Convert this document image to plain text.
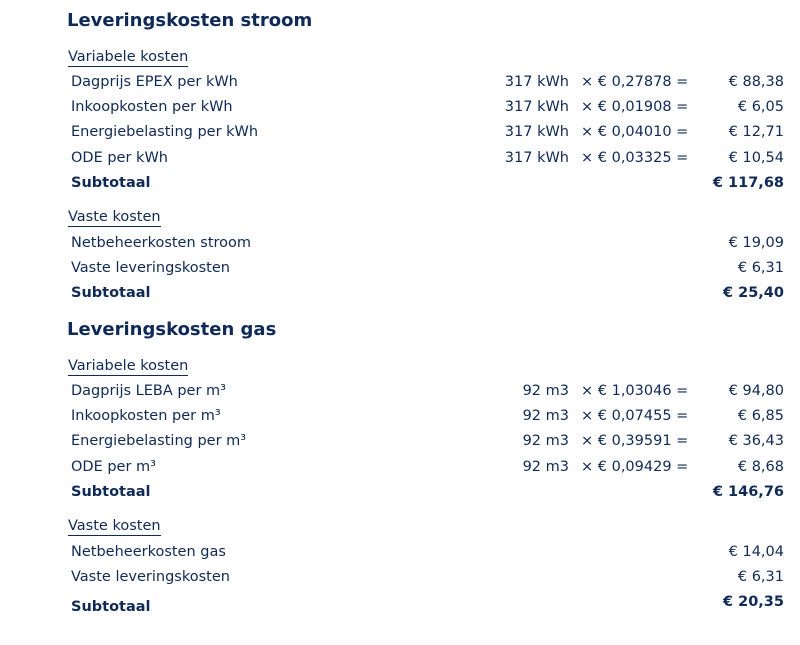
Leveringskosten stroom
Variabele kosten
Dagprijs EPEX per kWh	317 kWh × € 0,27878 =	€ 88,38
Inkoopkosten per kWh	317 kWh × € 0,01908 =	€ 6,05
Energiebelasting per kWh	317 kWh × € 0,04010 =	€ 12,71
ODE per kWh	317 kWh × € 0,03325 =	€ 10,54
Subtotaal	€ 117,68
Vaste kosten
Netbeheerkosten stroom	€ 19,09
Vaste leveringskosten	€ 6,31
Subtotaal	€ 25,40
Leveringskosten gas
Variabele kosten
Dagprijs LEBA per m³	92 m3 × € 1,03046 =	€ 94,80
Inkoopkosten per m³	92 m3 × € 0,07455 =	€ 6,85
Energiebelasting per m³	92 m3 × € 0,39591 =	€ 36,43
ODE per m³	92 m3 × € 0,09429 =	€ 8,68
Subtotaal	€ 146,76
Vaste kosten
Netbeheerkosten gas	€ 14,04
Vaste leveringskosten	€ 6,31
Subtotaal	€ 20,35
